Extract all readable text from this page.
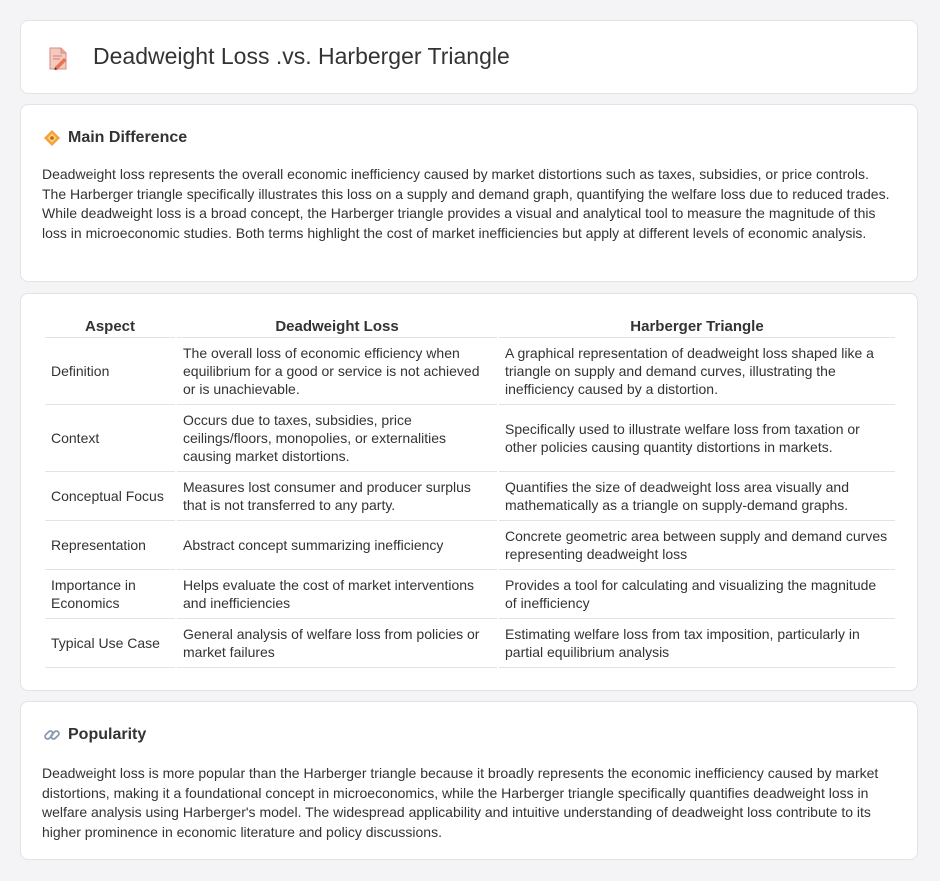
Deadweight Loss .vs. Harberger Triangle
Main Difference

Deadweight loss represents the overall economic inefficiency caused by market distortions such as taxes, subsidies, or price controls. The Harberger triangle specifically illustrates this loss on a supply and demand graph, quantifying the welfare loss due to reduced trades. While deadweight loss is a broad concept, the Harberger triangle provides a visual and analytical tool to measure the magnitude of this loss in microeconomic studies. Both terms highlight the cost of market inefficiencies but apply at different levels of economic analysis.

Aspect	Deadweight Loss	Harberger Triangle
Definition	The overall loss of economic efficiency when equilibrium for a good or service is not achieved or is unachievable.	A graphical representation of deadweight loss shaped like a triangle on supply and demand curves, illustrating the inefficiency caused by a distortion.
Context	Occurs due to taxes, subsidies, price ceilings/floors, monopolies, or externalities causing market distortions.	Specifically used to illustrate welfare loss from taxation or other policies causing quantity distortions in markets.
Conceptual Focus	Measures lost consumer and producer surplus that is not transferred to any party.	Quantifies the size of deadweight loss area visually and mathematically as a triangle on supply-demand graphs.
Representation	Abstract concept summarizing inefficiency	Concrete geometric area between supply and demand curves representing deadweight loss
Importance in Economics	Helps evaluate the cost of market interventions and inefficiencies	Provides a tool for calculating and visualizing the magnitude of inefficiency
Typical Use Case	General analysis of welfare loss from policies or market failures	Estimating welfare loss from tax imposition, particularly in partial equilibrium analysis
Popularity

Deadweight loss is more popular than the Harberger triangle because it broadly represents the economic inefficiency caused by market distortions, making it a foundational concept in microeconomics, while the Harberger triangle specifically quantifies deadweight loss in welfare analysis using Harberger's model. The widespread applicability and intuitive understanding of deadweight loss contribute to its higher prominence in economic literature and policy discussions.
